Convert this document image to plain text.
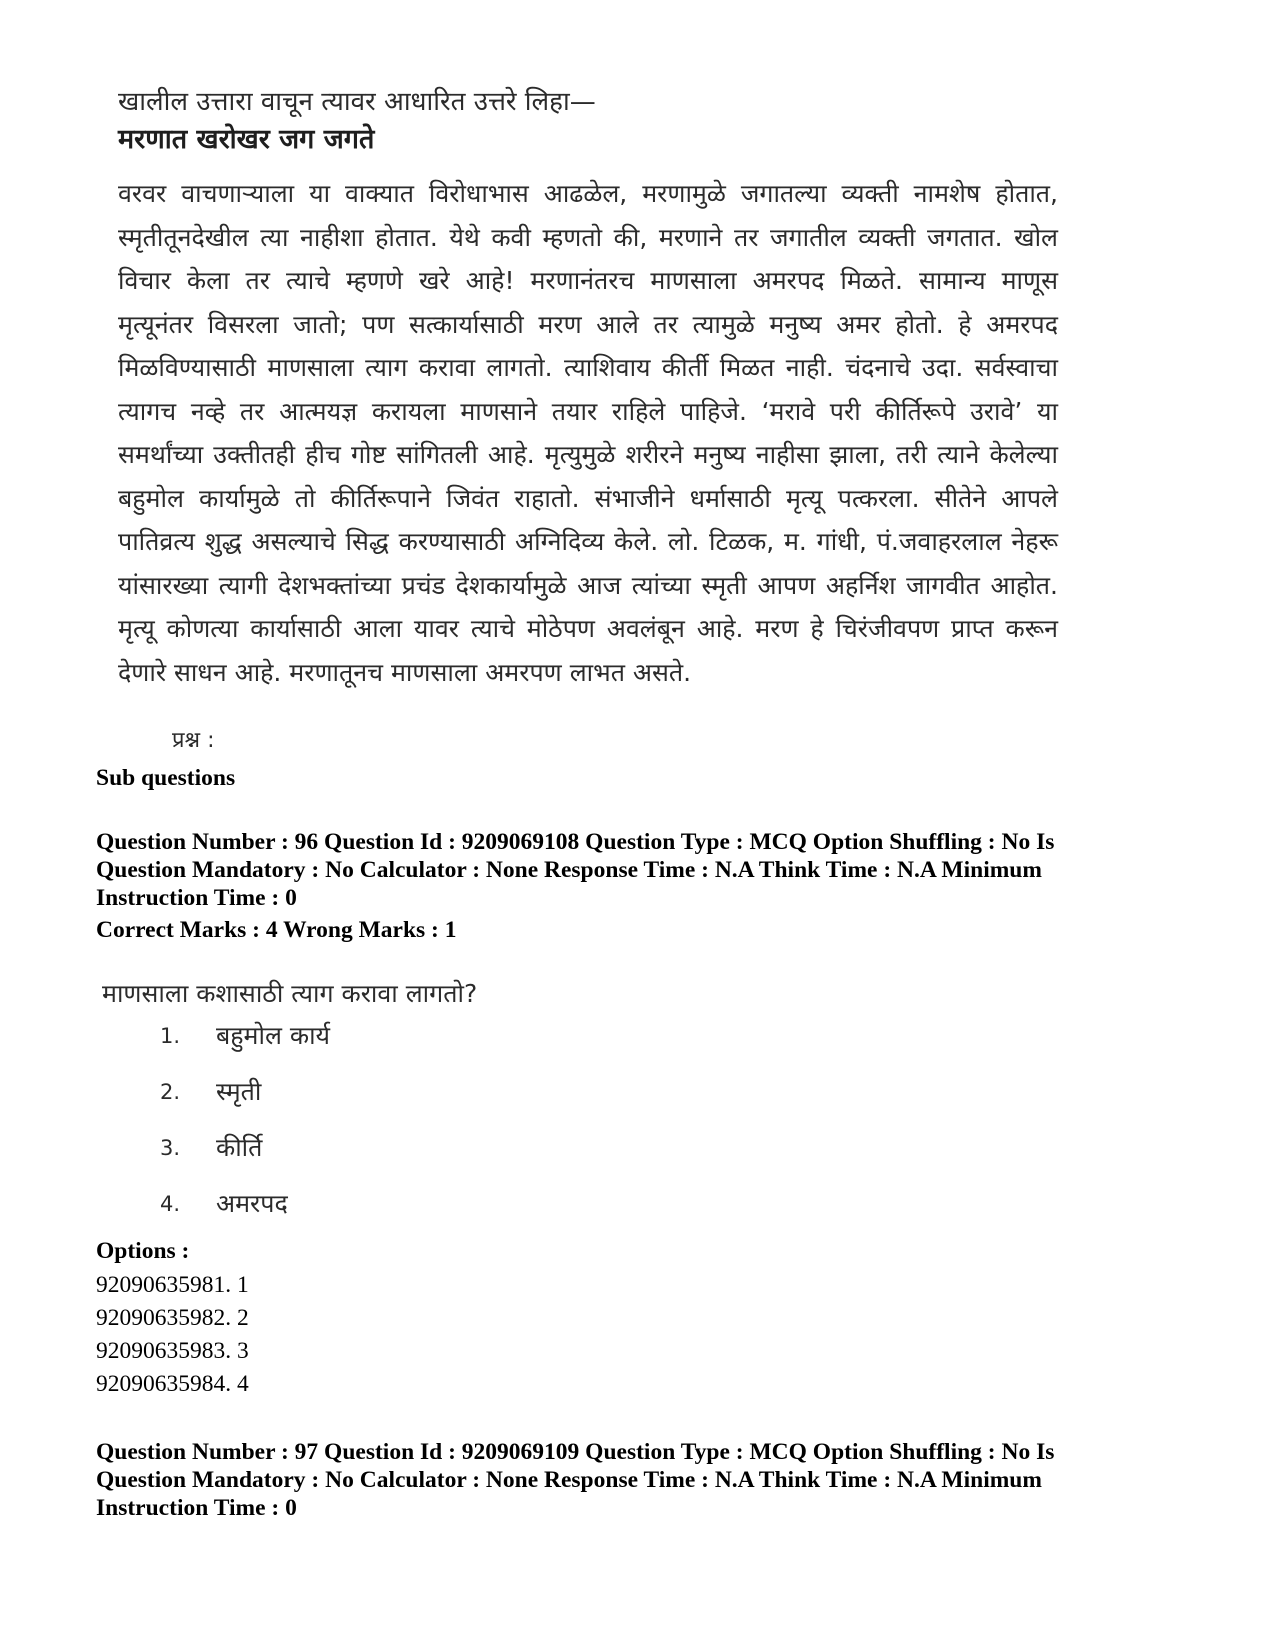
खालील उत्तारा वाचून त्यावर आधारित उत्तरे लिहा—

मरणात खरोखर जग जगते

वरवर वाचणाऱ्याला या वाक्यात विरोधाभास आढळेल, मरणामुळे जगातल्या व्यक्ती नामशेष होतात,
स्मृतीतूनदेखील त्या नाहीशा होतात. येथे कवी म्हणतो की, मरणाने तर जगातील व्यक्ती जगतात. खोल
विचार केला तर त्याचे म्हणणे खरे आहे! मरणानंतरच माणसाला अमरपद मिळते. सामान्य माणूस
मृत्यूनंतर विसरला जातो; पण सत्कार्यासाठी मरण आले तर त्यामुळे मनुष्य अमर होतो. हे अमरपद
मिळविण्यासाठी माणसाला त्याग करावा लागतो. त्याशिवाय कीर्ती मिळत नाही. चंदनाचे उदा. सर्वस्वाचा
त्यागच नव्हे तर आत्मयज्ञ करायला माणसाने तयार राहिले पाहिजे. ‘मरावे परी कीर्तिरूपे उरावे’ या
समर्थांच्या उक्तीतही हीच गोष्ट सांगितली आहे. मृत्युमुळे शरीरने मनुष्य नाहीसा झाला, तरी त्याने केलेल्या
बहुमोल कार्यामुळे तो कीर्तिरूपाने जिवंत राहातो. संभाजीने धर्मासाठी मृत्यू पत्करला. सीतेने आपले
पातिव्रत्य शुद्ध असल्याचे सिद्ध करण्यासाठी अग्निदिव्य केले. लो. टिळक, म. गांधी, पं.जवाहरलाल नेहरू
यांसारख्या त्यागी देशभक्तांच्या प्रचंड देशकार्यामुळे आज त्यांच्या स्मृती आपण अहर्निश जागवीत आहोत.
मृत्यू कोणत्या कार्यासाठी आला यावर त्याचे मोठेपण अवलंबून आहे. मरण हे चिरंजीवपण प्राप्त करून
देणारे साधन आहे. मरणातूनच माणसाला अमरपण लाभत असते.
प्रश्न :
Sub questions
Question Number : 96 Question Id : 9209069108 Question Type : MCQ Option Shuffling : No Is
Question Mandatory : No Calculator : None Response Time : N.A Think Time : N.A Minimum
Instruction Time : 0
Correct Marks : 4 Wrong Marks : 1
माणसाला कशासाठी त्याग करावा लागतो?
1. बहुमोल कार्य
2. स्मृती
3. कीर्ति
4. अमरपद
Options :
92090635981. 1
92090635982. 2
92090635983. 3
92090635984. 4
Question Number : 97 Question Id : 9209069109 Question Type : MCQ Option Shuffling : No Is
Question Mandatory : No Calculator : None Response Time : N.A Think Time : N.A Minimum
Instruction Time : 0
